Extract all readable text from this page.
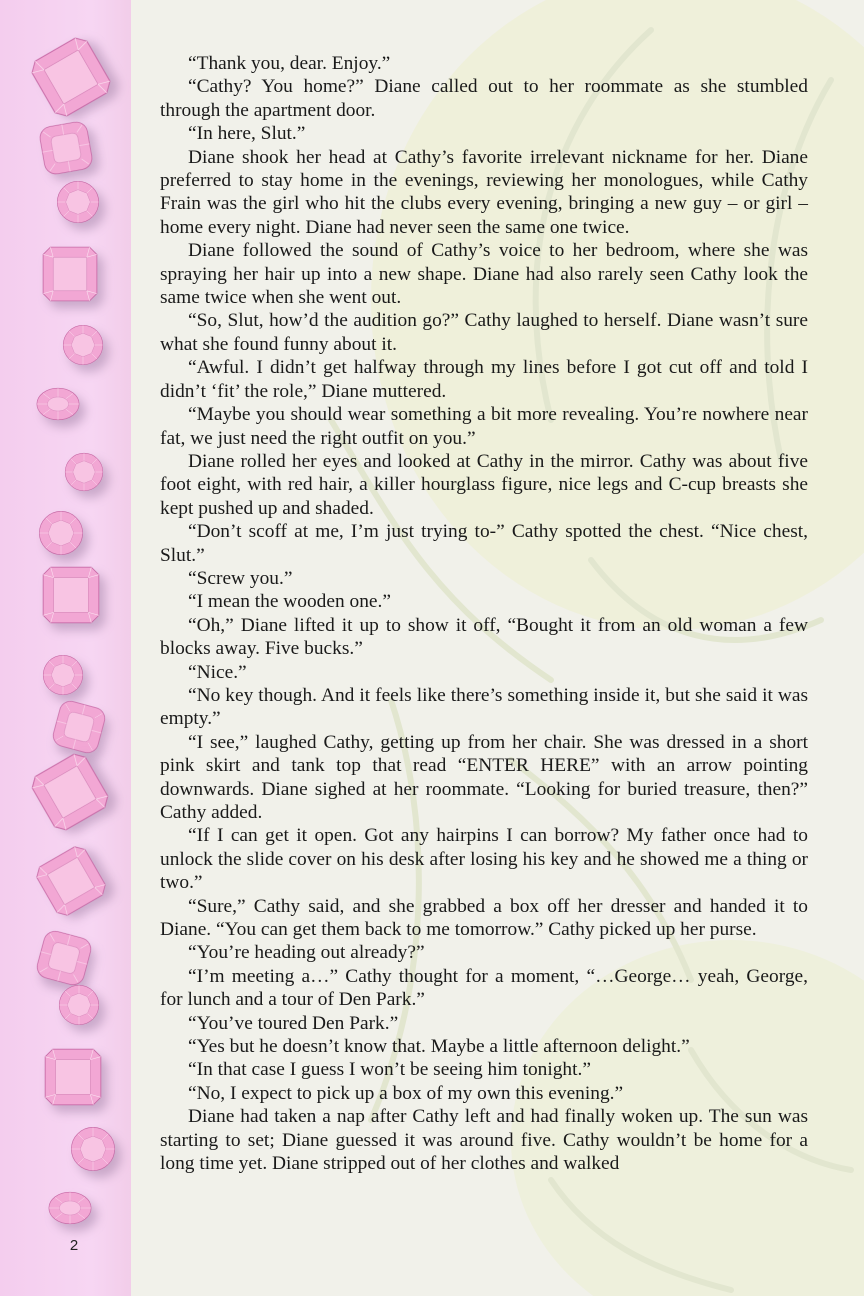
2

“Thank you, dear. Enjoy.”

“Cathy? You home?” Diane called out to her roommate as she stumbled through the apartment door.

“In here, Slut.”

Diane shook her head at Cathy’s favorite irrelevant nickname for her. Diane preferred to stay home in the evenings, reviewing her monologues, while Cathy Frain was the girl who hit the clubs every evening, bringing a new guy – or girl – home every night. Diane had never seen the same one twice.

Diane followed the sound of Cathy’s voice to her bedroom, where she was spraying her hair up into a new shape. Diane had also rarely seen Cathy look the same twice when she went out.

“So, Slut, how’d the audition go?” Cathy laughed to herself. Diane wasn’t sure what she found funny about it.

“Awful. I didn’t get halfway through my lines before I got cut off and told I didn’t ‘fit’ the role,” Diane muttered.

“Maybe you should wear something a bit more revealing. You’re nowhere near fat, we just need the right outfit on you.”

Diane rolled her eyes and looked at Cathy in the mirror. Cathy was about five foot eight, with red hair, a killer hourglass figure, nice legs and C-cup breasts she kept pushed up and shaded.

“Don’t scoff at me, I’m just trying to-” Cathy spotted the chest. “Nice chest, Slut.”

“Screw you.”

“I mean the wooden one.”

“Oh,” Diane lifted it up to show it off, “Bought it from an old woman a few blocks away. Five bucks.”

“Nice.”

“No key though. And it feels like there’s something inside it, but she said it was empty.”

“I see,” laughed Cathy, getting up from her chair. She was dressed in a short pink skirt and tank top that read “ENTER HERE” with an arrow pointing downwards. Diane sighed at her roommate. “Looking for buried treasure, then?” Cathy added.

“If I can get it open. Got any hairpins I can borrow? My father once had to unlock the slide cover on his desk after losing his key and he showed me a thing or two.”

“Sure,” Cathy said, and she grabbed a box off her dresser and handed it to Diane. “You can get them back to me tomorrow.” Cathy picked up her purse.

“You’re heading out already?”

“I’m meeting a…” Cathy thought for a moment, “…George… yeah, George, for lunch and a tour of Den Park.”

“You’ve toured Den Park.”

“Yes but he doesn’t know that. Maybe a little afternoon delight.”

“In that case I guess I won’t be seeing him tonight.”

“No, I expect to pick up a box of my own this evening.”

Diane had taken a nap after Cathy left and had finally woken up. The sun was starting to set; Diane guessed it was around five. Cathy wouldn’t be home for a long time yet. Diane stripped out of her clothes and walked
